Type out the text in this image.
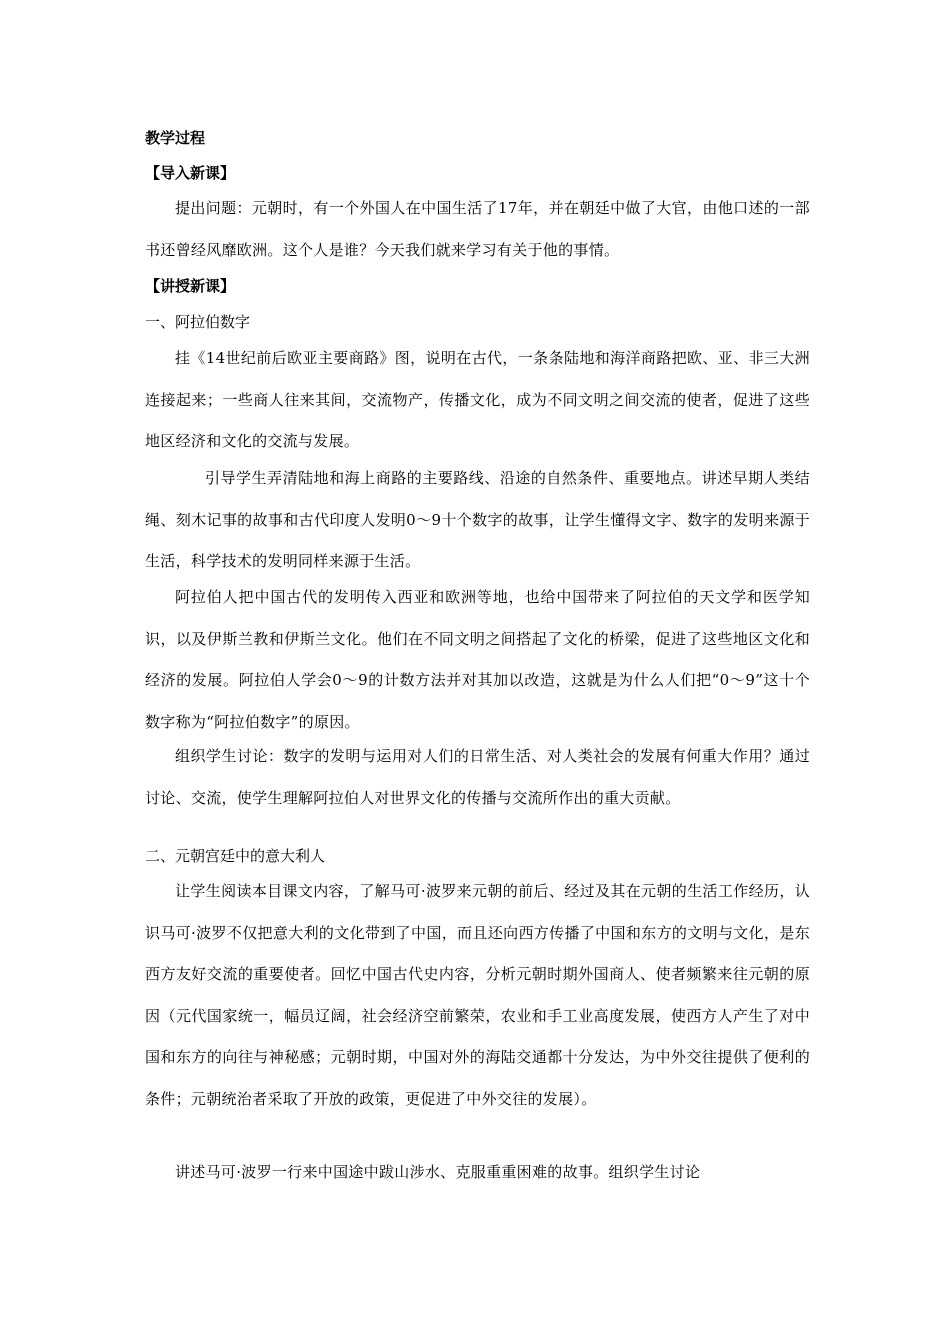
教学过程
【导入新课】
提出问题：元朝时，有一个外国人在中国生活了17年，并在朝廷中做了大官，由他口述的一部书还曾经风靡欧洲。这个人是谁？今天我们就来学习有关于他的事情。
【讲授新课】
一、阿拉伯数字
挂《14世纪前后欧亚主要商路》图，说明在古代，一条条陆地和海洋商路把欧、亚、非三大洲连接起来；一些商人往来其间，交流物产，传播文化，成为不同文明之间交流的使者，促进了这些地区经济和文化的交流与发展。
引导学生弄清陆地和海上商路的主要路线、沿途的自然条件、重要地点。讲述早期人类结绳、刻木记事的故事和古代印度人发明0～9十个数字的故事，让学生懂得文字、数字的发明来源于生活，科学技术的发明同样来源于生活。
阿拉伯人把中国古代的发明传入西亚和欧洲等地，也给中国带来了阿拉伯的天文学和医学知识，以及伊斯兰教和伊斯兰文化。他们在不同文明之间搭起了文化的桥梁，促进了这些地区文化和经济的发展。阿拉伯人学会0～9的计数方法并对其加以改造，这就是为什么人们把“0～9”这十个数字称为“阿拉伯数字”的原因。
组织学生讨论：数字的发明与运用对人们的日常生活、对人类社会的发展有何重大作用？通过讨论、交流，使学生理解阿拉伯人对世界文化的传播与交流所作出的重大贡献。
二、元朝宫廷中的意大利人
让学生阅读本目课文内容，了解马可·波罗来元朝的前后、经过及其在元朝的生活工作经历，认识马可·波罗不仅把意大利的文化带到了中国，而且还向西方传播了中国和东方的文明与文化，是东西方友好交流的重要使者。回忆中国古代史内容，分析元朝时期外国商人、使者频繁来往元朝的原因（元代国家统一，幅员辽阔，社会经济空前繁荣，农业和手工业高度发展，使西方人产生了对中国和东方的向往与神秘感；元朝时期，中国对外的海陆交通都十分发达，为中外交往提供了便利的条件；元朝统治者采取了开放的政策，更促进了中外交往的发展）。
讲述马可·波罗一行来中国途中跋山涉水、克服重重困难的故事。组织学生讨论
